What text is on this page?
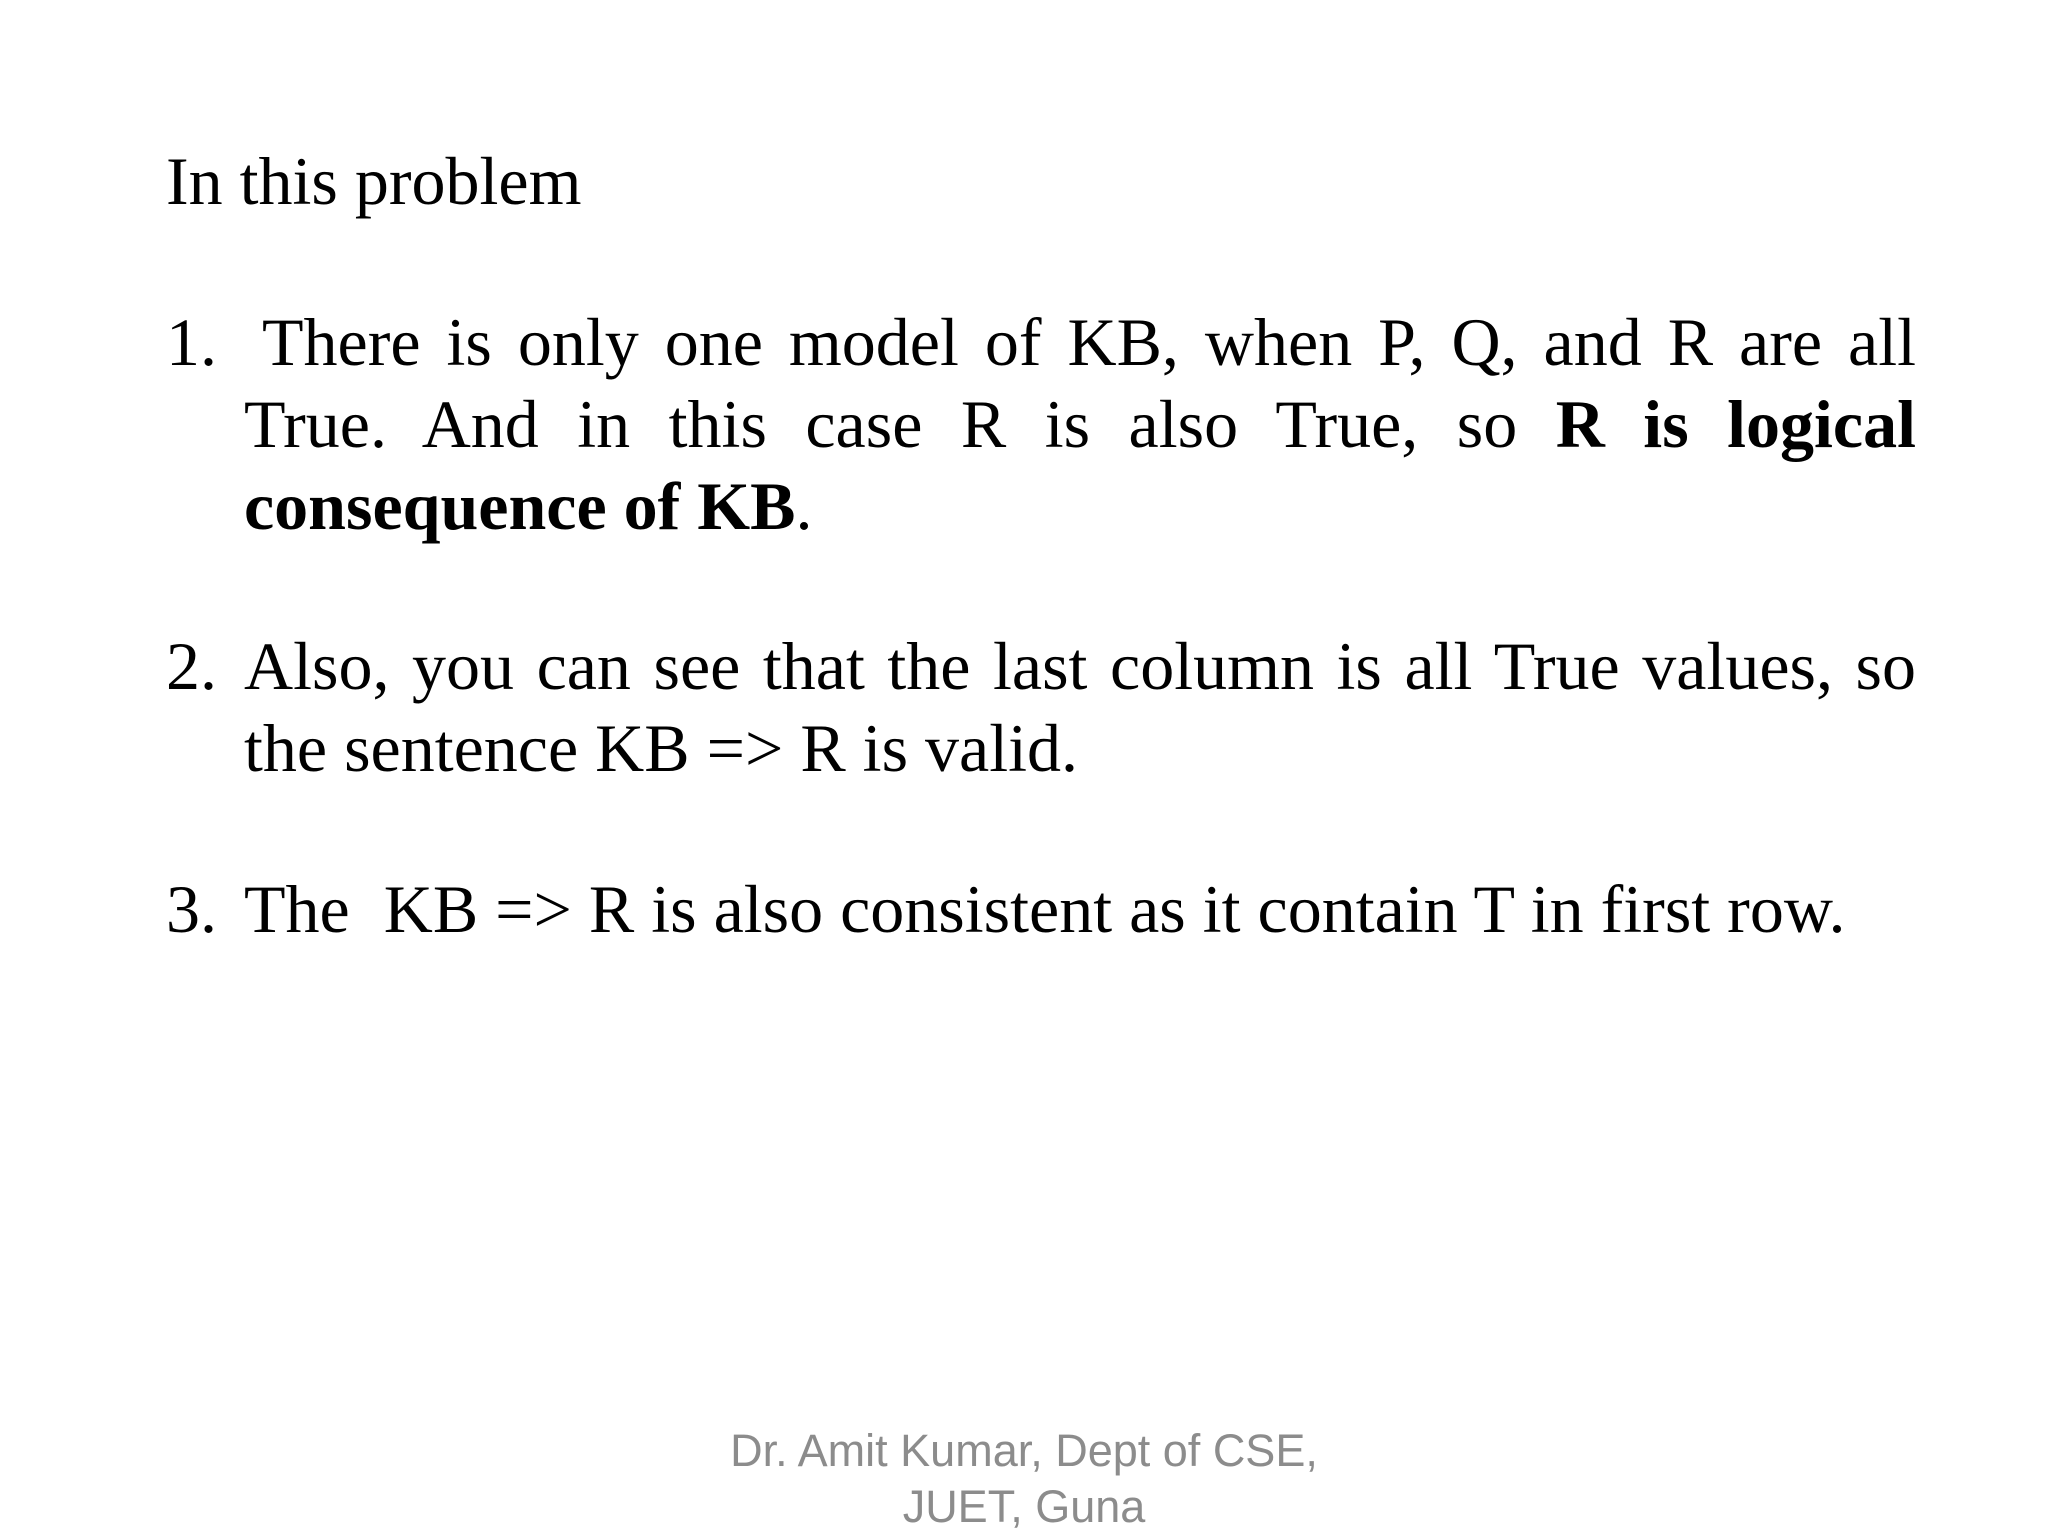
In this problem
1. There is only one model of KB, when P, Q, and R are all True. And in this case R is also True, so R is logical consequence of KB.
2. Also, you can see that the last column is all True values, so the sentence KB => R is valid.
3. The  KB => R is also consistent as it contain T in first row.
Dr. Amit Kumar, Dept of CSE,
JUET, Guna
